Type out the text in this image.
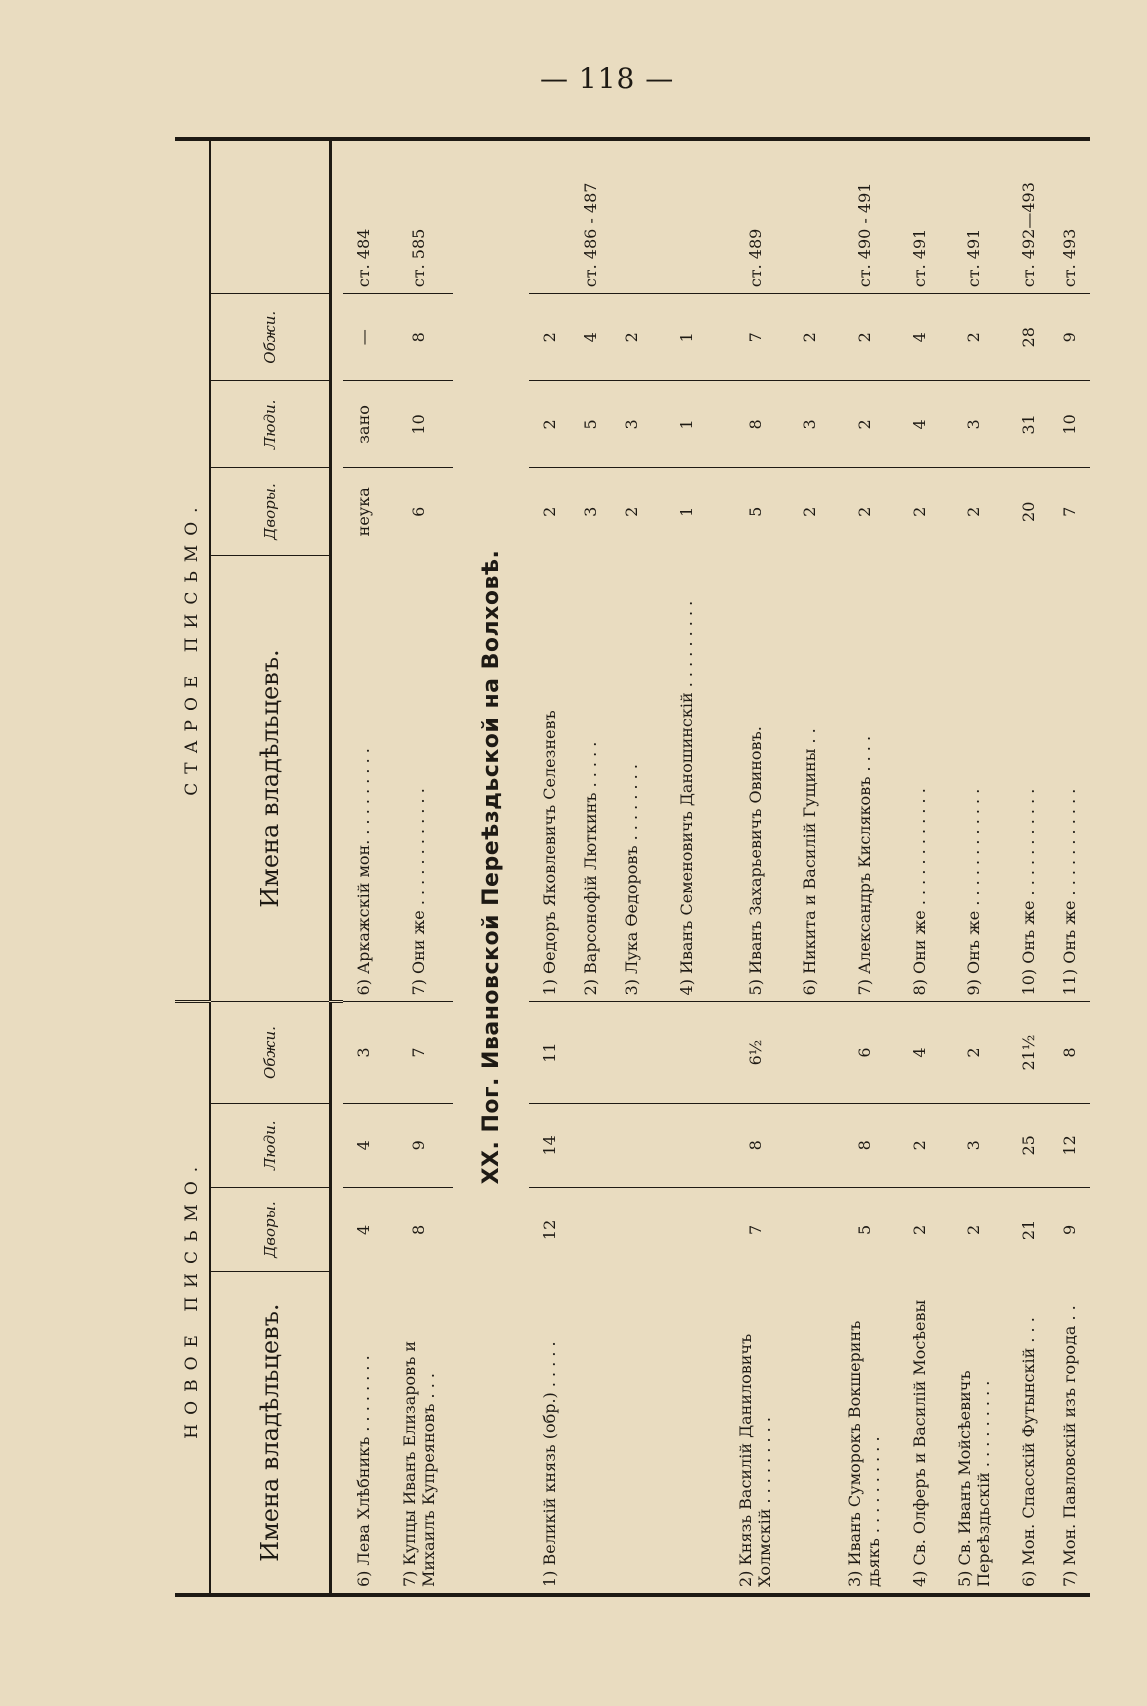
— 118 —
НОВОЕ ПИСЬМО.				СТАРОЕ ПИСЬМО.				
Имена владѣльцевъ.	Дворы.	Люди.	Обжи.	Имена владѣльцевъ.	Дворы.	Люди.	Обжи.	

6) Лева Хлѣбникъ . . . . . . . .	4	4	3	6) Аркажскій мон. . . . . . . . . .	неука	зано	—	ст. 484
7) Купцы Иванъ Елизаровъ и Михаилъ Купреяновъ . . .	8	9	7	7) Они же . . . . . . . . . . . .	6	10	8	ст. 585
ХХ. Пог. Ивановской Переѣздьской на Волховѣ.								
1) Великій князь (обр.) . . . . .	12	14	11	1) Ѳедоръ Яковлевичъ Селезневъ	2	2	2	
				2) Варсонофій Люткинъ . . . . .	3	5	4	ст. 486 - 487
				3) Лука Ѳедоровъ . . . . . . . .	2	3	2	
				4) Иванъ Семеновичъ Даношинскій . . . . . . . . .	1	1	1	
2) Князь Василій Даниловичъ Холмскій . . . . . . . . .	7	8	6½	5) Иванъ Захарьевичъ Овиновъ.	5	8	7	ст. 489
				6) Никита и Василій Гущины . .	2	3	2	
3) Иванъ Суморокъ Вокшеринъ дьякъ . . . . . . . . . .	5	8	6	7) Александръ Кисляковъ . . . .	2	2	2	ст. 490 - 491
4) Св. Олферъ и Василій Мосѣевы	2	2	4	8) Они же . . . . . . . . . . . .	2	4	4	ст. 491
5) Св. Иванъ Мойсѣевичъ Переѣздьскій . . . . . . . . .	2	3	2	9) Онъ же . . . . . . . . . . . .	2	3	2	ст. 491
6) Мон. Спасскій Футынскій . . .	21	25	21½	10) Онъ же . . . . . . . . . . .	20	31	28	ст. 492—493
7) Мон. Павловскій изъ города . .	9	12	8	11) Онъ же . . . . . . . . . . .	7	10	9	ст. 493
